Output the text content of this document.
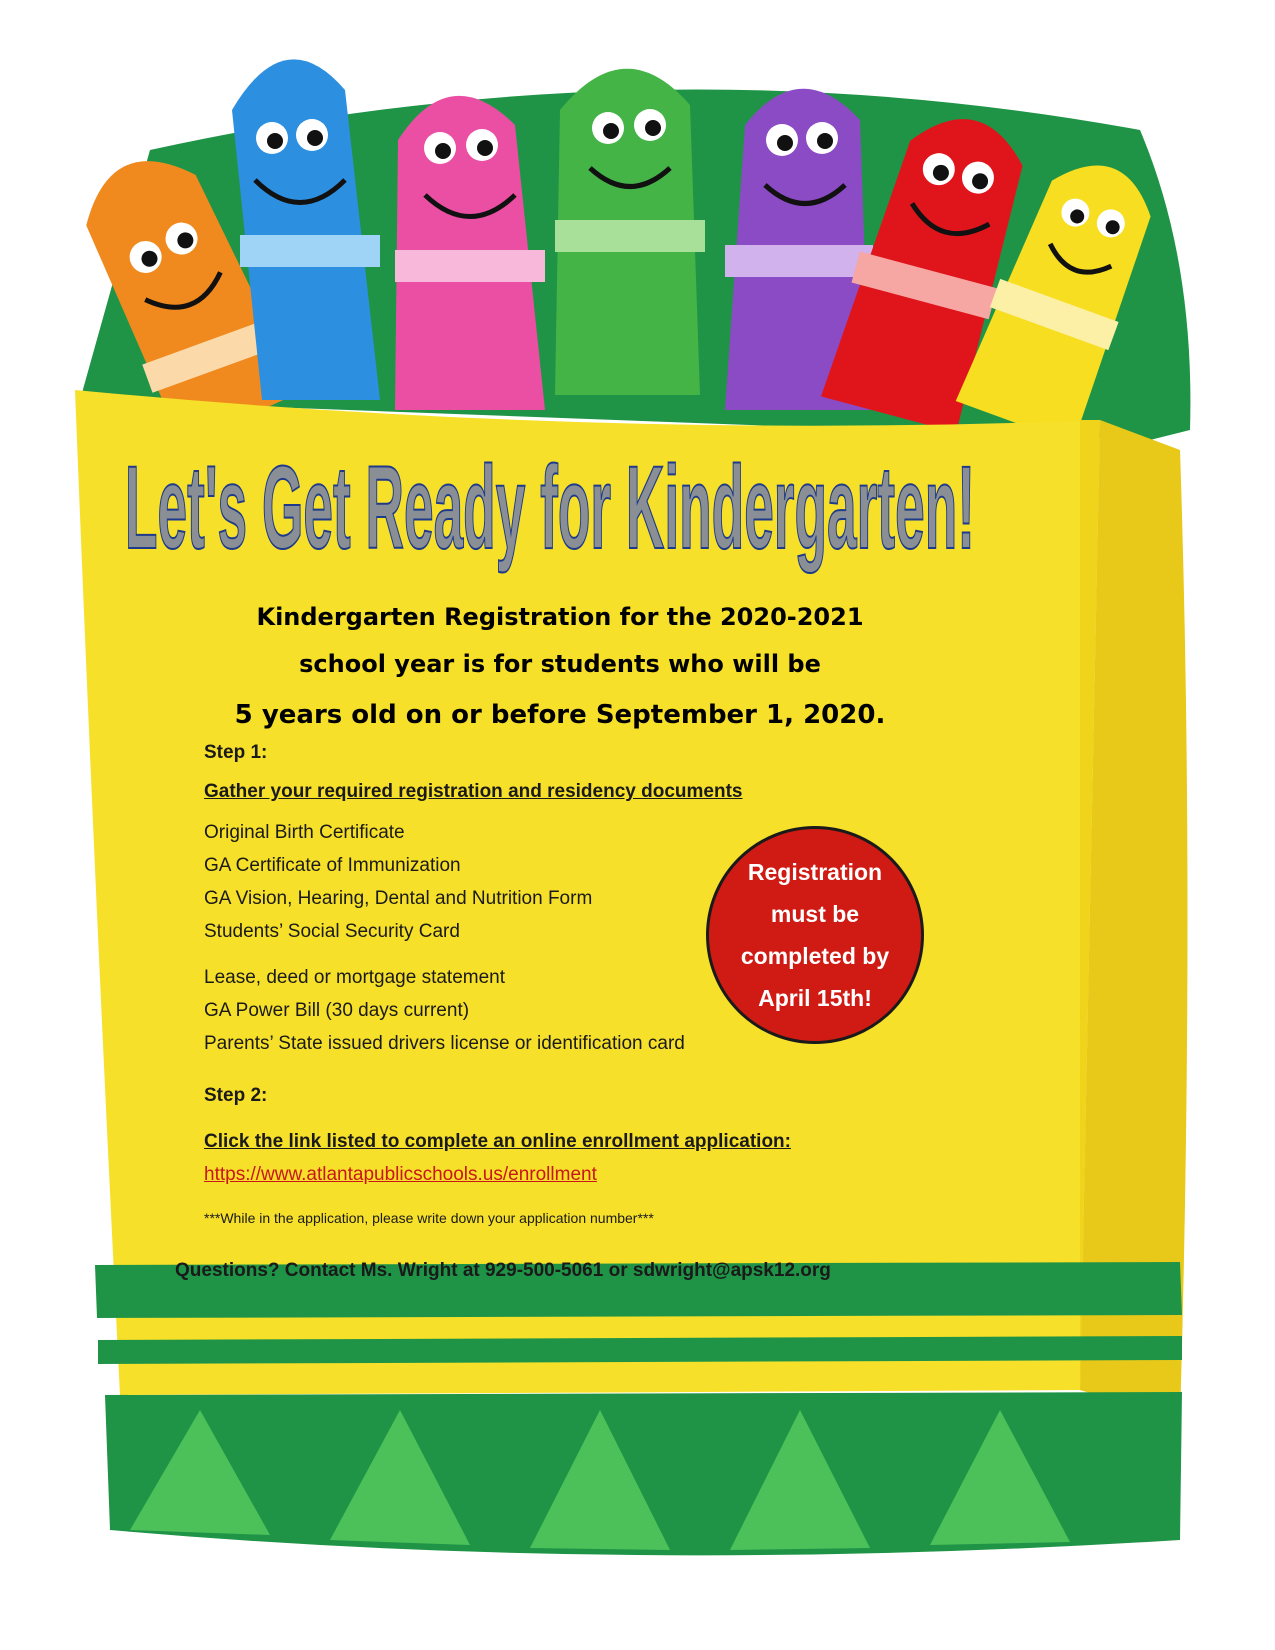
Let's Get Ready for Kindergarten!

Kindergarten Registration for the 2020-2021

school year is for students who will be

5 years old on or before September 1, 2020.

Step 1:

Gather your required registration and residency documents

Original Birth Certificate

GA Certificate of Immunization

GA Vision, Hearing, Dental and Nutrition Form

Students’ Social Security Card

Lease, deed or mortgage statement

GA Power Bill (30 days current)

Parents’ State issued drivers license or identification card

Registration must be completed by April 15th!

Step 2:

Click the link listed to complete an online enrollment application:

https://www.atlantapublicschools.us/enrollment

***While in the application, please write down your application number***

Questions? Contact Ms. Wright at 929-500-5061 or sdwright@apsk12.org
